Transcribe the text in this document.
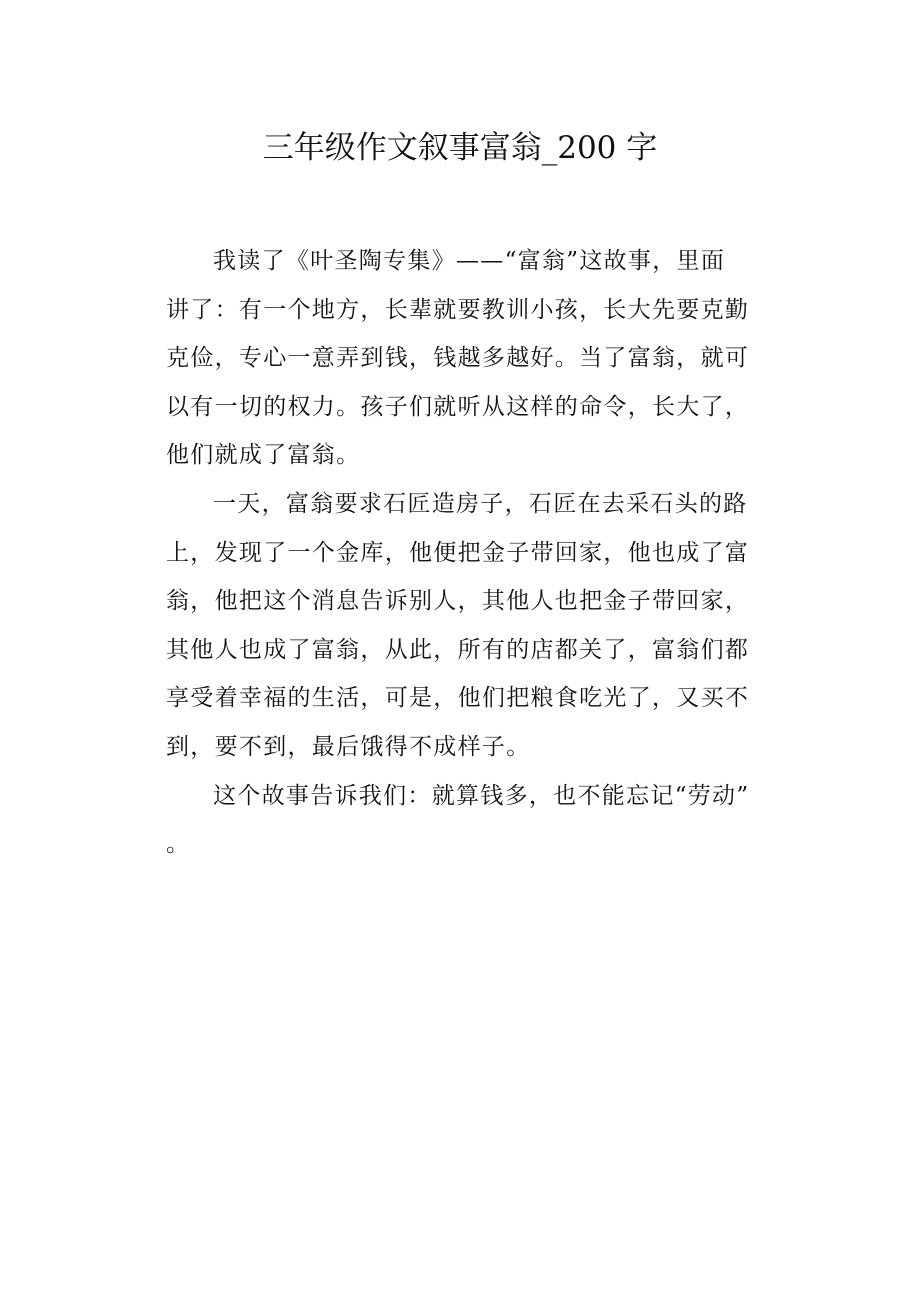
三年级作文叙事富翁_200 字

我读了《叶圣陶专集》——“富翁”这故事，里面

讲了：有一个地方，长辈就要教训小孩，长大先要克勤

克俭，专心一意弄到钱，钱越多越好。当了富翁，就可

以有一切的权力。孩子们就听从这样的命令，长大了，

他们就成了富翁。

一天，富翁要求石匠造房子，石匠在去采石头的路

上，发现了一个金库，他便把金子带回家，他也成了富

翁，他把这个消息告诉别人，其他人也把金子带回家，

其他人也成了富翁，从此，所有的店都关了，富翁们都

享受着幸福的生活，可是，他们把粮食吃光了，又买不

到，要不到，最后饿得不成样子。

这个故事告诉我们：就算钱多，也不能忘记“劳动”

。
